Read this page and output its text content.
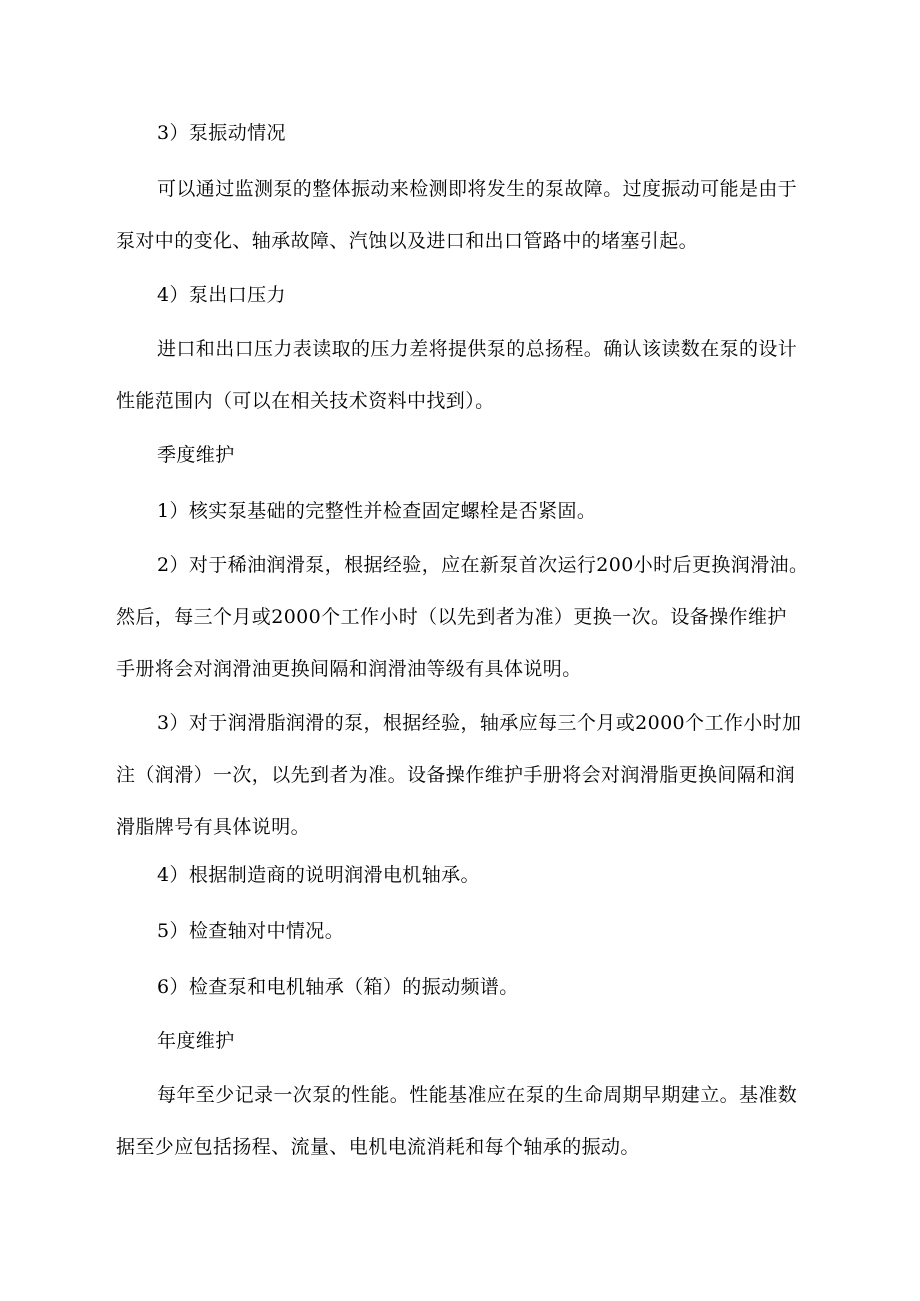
3）泵振动情况

可以通过监测泵的整体振动来检测即将发生的泵故障。过度振动可能是由于
泵对中的变化、轴承故障、汽蚀以及进口和出口管路中的堵塞引起。

4）泵出口压力

进口和出口压力表读取的压力差将提供泵的总扬程。确认该读数在泵的设计
性能范围内（可以在相关技术资料中找到）。

季度维护

1）核实泵基础的完整性并检查固定螺栓是否紧固。

2）对于稀油润滑泵，根据经验，应在新泵首次运行200小时后更换润滑油。
然后，每三个月或2000个工作小时（以先到者为准）更换一次。设备操作维护
手册将会对润滑油更换间隔和润滑油等级有具体说明。

3）对于润滑脂润滑的泵，根据经验，轴承应每三个月或2000个工作小时加
注（润滑）一次，以先到者为准。设备操作维护手册将会对润滑脂更换间隔和润
滑脂牌号有具体说明。

4）根据制造商的说明润滑电机轴承。

5）检查轴对中情况。

6）检查泵和电机轴承（箱）的振动频谱。

年度维护

每年至少记录一次泵的性能。性能基准应在泵的生命周期早期建立。基准数
据至少应包括扬程、流量、电机电流消耗和每个轴承的振动。
